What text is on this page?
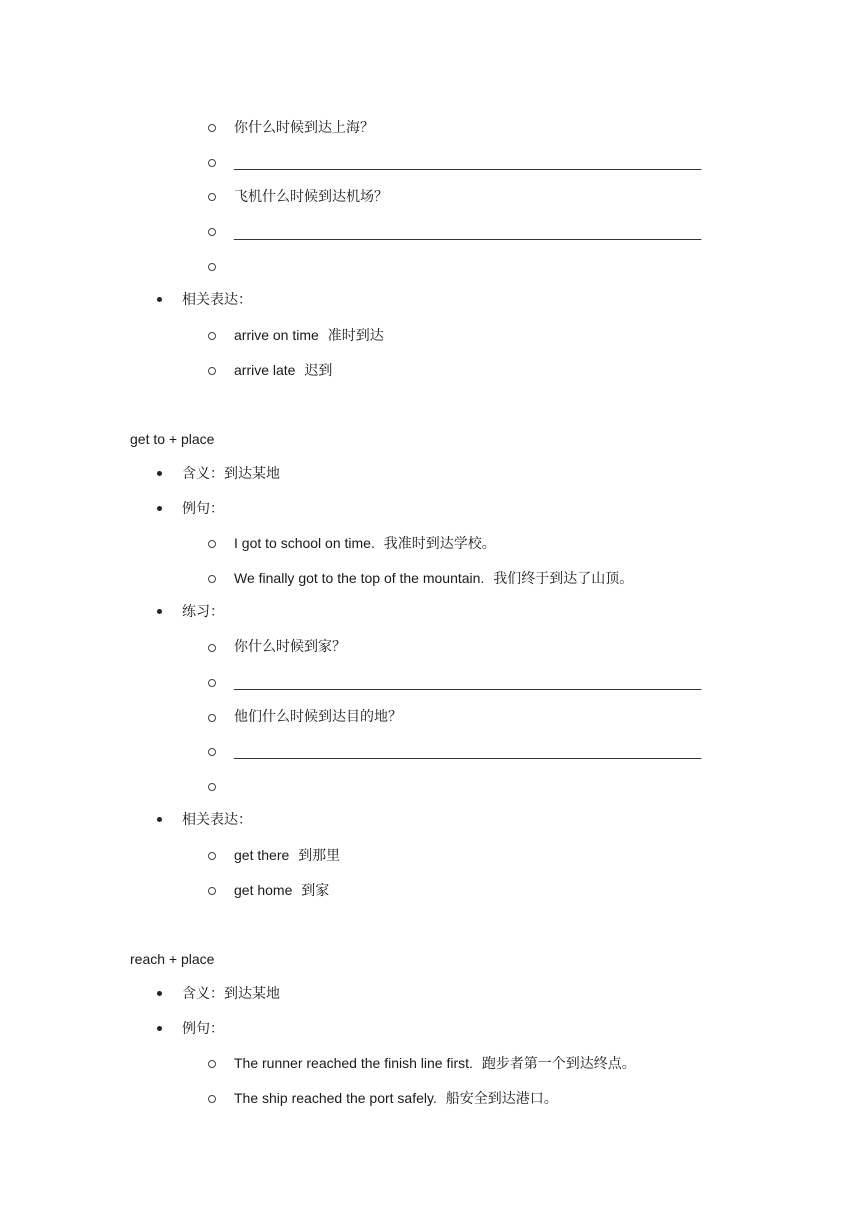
你什么时候到达上海？
____________________________________________________________
飞机什么时候到达机场？
____________________________________________________________
相关表达：
arrive on time 准时到达
arrive late 迟到
get to + place
含义：到达某地
例句：
I got to school on time. 我准时到达学校。
We finally got to the top of the mountain. 我们终于到达了山顶。
练习：
你什么时候到家？
____________________________________________________________
他们什么时候到达目的地？
____________________________________________________________
相关表达：
get there 到那里
get home 到家
reach + place
含义：到达某地
例句：
The runner reached the finish line first. 跑步者第一个到达终点。
The ship reached the port safely. 船安全到达港口。
